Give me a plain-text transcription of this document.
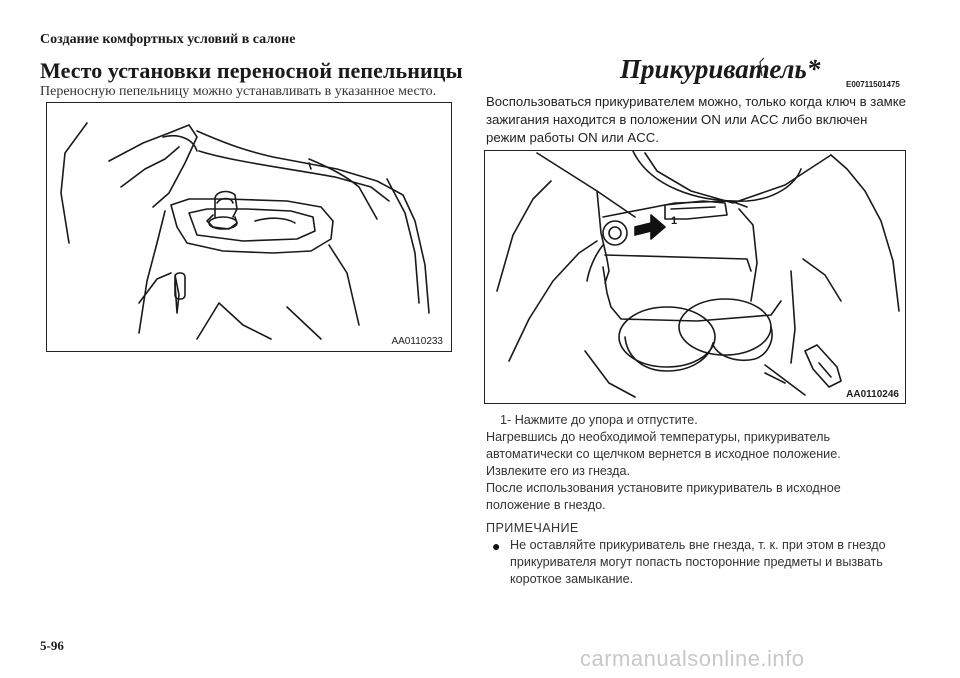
Создание комфортных условий в салоне
Место установки переносной пепельницы
Переносную пепельницу можно устанавливать в указанное место.
AA0110233
Прикуриватель*
E00711501475
Воспользоваться прикуривателем можно, только когда ключ в замке зажигания находится в положении ON или ACC либо включен режим работы ON или ACC.
1
AA0110246

1- Нажмите до упора и отпустите.

Нагревшись до необходимой температуры, прикуриватель автоматически со щелчком вернется в исходное положение.

Извлеките его из гнезда.

После использования установите прикуриватель в исходное положение в гнездо.

ПРИМЕЧАНИЕ
● Не оставляйте прикуриватель вне гнезда, т. к. при этом в гнездо прикуривателя могут попасть посторонние предметы и вызвать короткое замыкание.
5-96
carmanualsonline.info
